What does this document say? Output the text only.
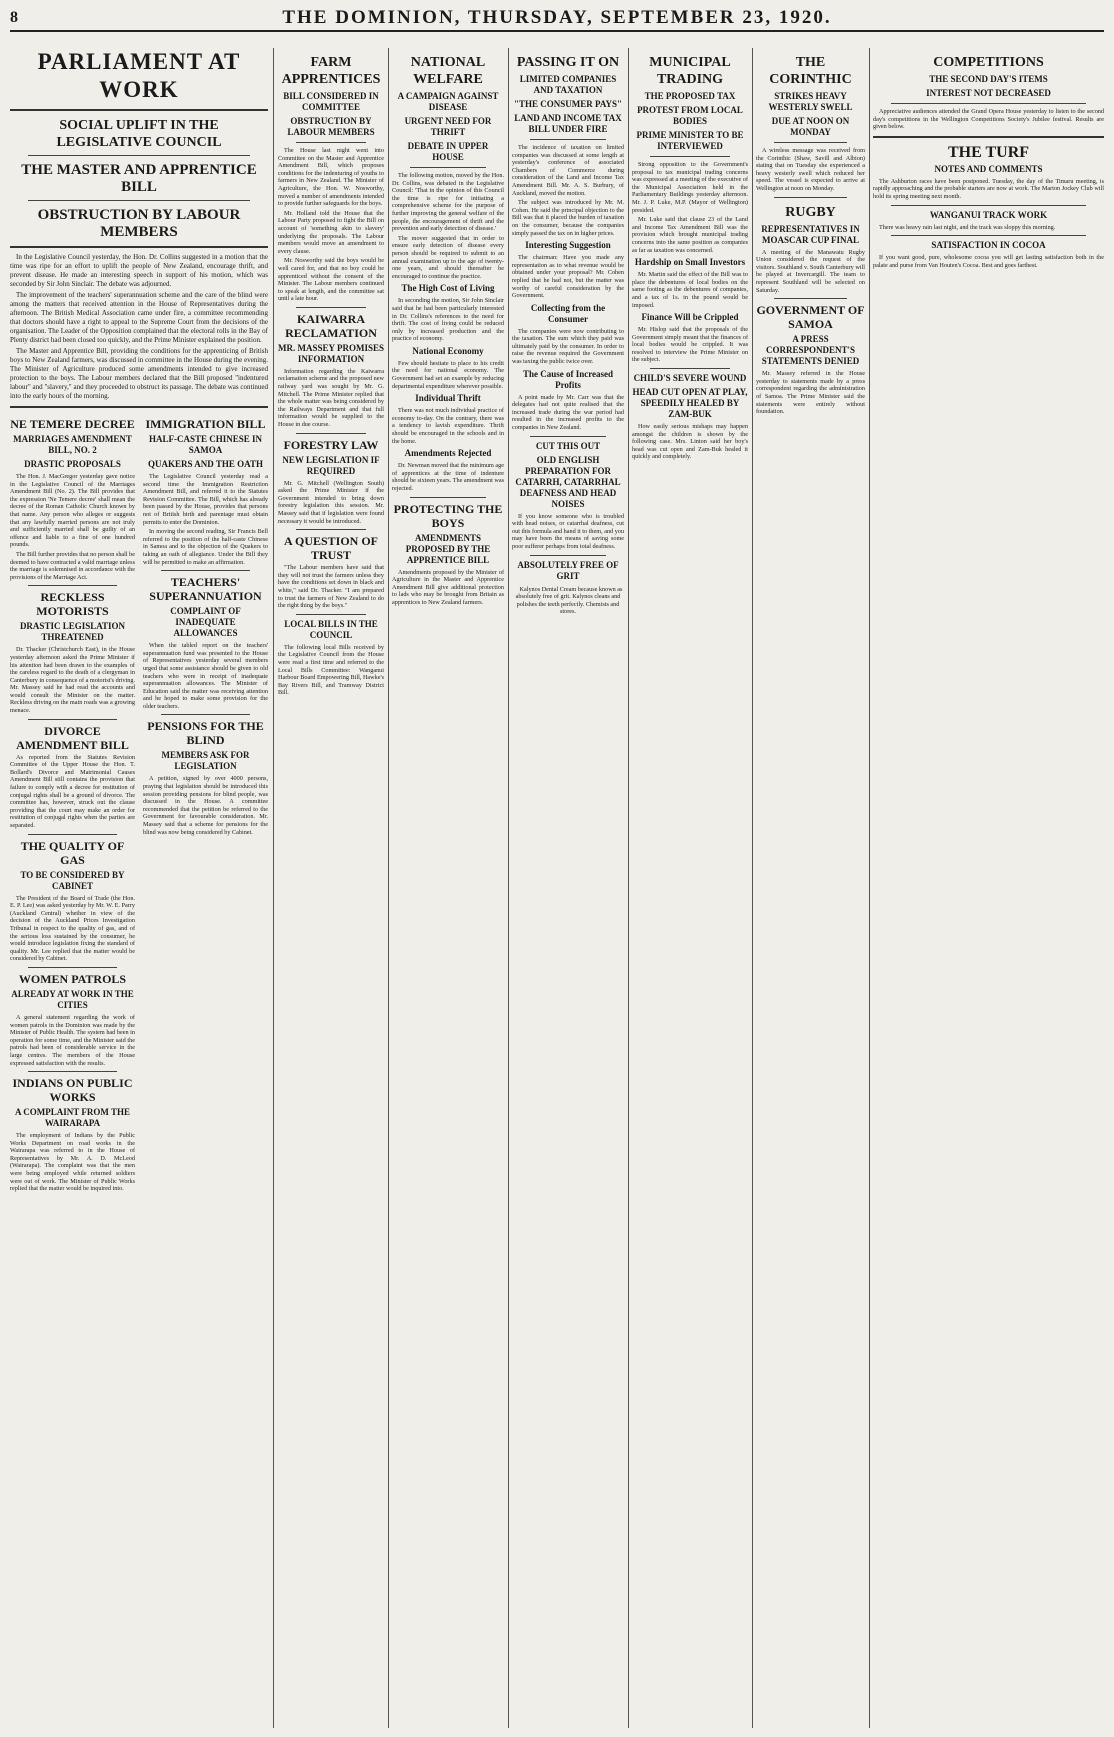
8	THE DOMINION, THURSDAY, SEPTEMBER 23, 1920.
PARLIAMENT AT WORK
SOCIAL UPLIFT IN THE LEGISLATIVE COUNCIL
THE MASTER AND APPRENTICE BILL
OBSTRUCTION BY LABOUR MEMBERS

In the Legislative Council yesterday, the Hon. Dr. Collins suggested in a motion that the time was ripe for an effort to uplift the people of New Zealand, encourage thrift, and prevent disease. He made an interesting speech in support of his motion, which was seconded by Sir John Sinclair. The debate was adjourned.

The improvement of the teachers' superannuation scheme and the care of the blind were among the matters that received attention in the House of Representatives during the afternoon. The British Medical Association came under fire, a committee recommending that doctors should have a right to appeal to the Supreme Court from the decisions of the organisation. The Leader of the Opposition complained that the electoral rolls in the Bay of Plenty district had been closed too quickly, and the Prime Minister explained the position.

The Master and Apprentice Bill, providing the conditions for the apprenticing of British boys to New Zealand farmers, was discussed in committee in the House during the evening. The Minister of Agriculture produced some amendments intended to give increased protection to the boys. The Labour members declared that the Bill proposed "indentured labour" and "slavery," and they proceeded to obstruct its passage. The debate was continued into the early hours of the morning.

NE TEMERE DECREE
MARRIAGES AMENDMENT BILL, NO. 2
DRASTIC PROPOSALS

The Hon. J. MacGregor yesterday gave notice in the Legislative Council of the Marriages Amendment Bill (No. 2). The Bill provides that the expression 'Ne Temere decree' shall mean the decree of the Roman Catholic Church known by that name. Any person who alleges or suggests that any lawfully married persons are not truly and sufficiently married shall be guilty of an offence and liable to a fine of one hundred pounds.

The Bill further provides that no person shall be deemed to have contracted a valid marriage unless the marriage is solemnised in accordance with the provisions of the Marriage Act.

RECKLESS MOTORISTS
DRASTIC LEGISLATION THREATENED

Dr. Thacker (Christchurch East), in the House yesterday afternoon asked the Prime Minister if his attention had been drawn to the examples of the careless regard to the death of a clergyman in Canterbury in consequence of a motorist's driving. Mr. Massey said he had read the accounts and would consult the Minister on the matter. Reckless driving on the main roads was a growing menace.

DIVORCE AMENDMENT BILL

As reported from the Statutes Revision Committee of the Upper House the Hon. T. Bollard's Divorce and Matrimonial Causes Amendment Bill still contains the provision that failure to comply with a decree for restitution of conjugal rights shall be a ground of divorce. The committee has, however, struck out the clause providing that the court may make an order for restitution of conjugal rights when the parties are separated.

THE QUALITY OF GAS
TO BE CONSIDERED BY CABINET

The President of the Board of Trade (the Hon. E. P. Lee) was asked yesterday by Mr. W. E. Parry (Auckland Central) whether in view of the decision of the Auckland Prices Investigation Tribunal in respect to the quality of gas, and of the serious loss sustained by the consumer, he would introduce legislation fixing the standard of quality. Mr. Lee replied that the matter would be considered by Cabinet.

WOMEN PATROLS
ALREADY AT WORK IN THE CITIES

A general statement regarding the work of women patrols in the Dominion was made by the Minister of Public Health. The system had been in operation for some time, and the Minister said the patrols had been of considerable service in the large centres. The members of the House expressed satisfaction with the results.

INDIANS ON PUBLIC WORKS
A COMPLAINT FROM THE WAIRARAPA

The employment of Indians by the Public Works Department on road works in the Wairarapa was referred to in the House of Representatives by Mr. A. D. McLeod (Wairarapa). The complaint was that the men were being employed while returned soldiers were out of work. The Minister of Public Works replied that the matter would be inquired into.

IMMIGRATION BILL
HALF-CASTE CHINESE IN SAMOA
QUAKERS AND THE OATH

The Legislative Council yesterday read a second time the Immigration Restriction Amendment Bill, and referred it to the Statutes Revision Committee. The Bill, which has already been passed by the House, provides that persons not of British birth and parentage must obtain permits to enter the Dominion.

In moving the second reading, Sir Francis Bell referred to the position of the half-caste Chinese in Samoa and to the objection of the Quakers to taking an oath of allegiance. Under the Bill they will be permitted to make an affirmation.

TEACHERS' SUPERANNUATION
COMPLAINT OF INADEQUATE ALLOWANCES

When the tabled report on the teachers' superannuation fund was presented to the House of Representatives yesterday several members urged that some assistance should be given to old teachers who were in receipt of inadequate superannuation allowances. The Minister of Education said the matter was receiving attention and he hoped to make some provision for the older teachers.

PENSIONS FOR THE BLIND
MEMBERS ASK FOR LEGISLATION

A petition, signed by over 4000 persons, praying that legislation should be introduced this session providing pensions for blind people, was discussed in the House. A committee recommended that the petition be referred to the Government for favourable consideration. Mr. Massey said that a scheme for pensions for the blind was now being considered by Cabinet.

FARM APPRENTICES
BILL CONSIDERED IN COMMITTEE
OBSTRUCTION BY LABOUR MEMBERS

The House last night went into Committee on the Master and Apprentice Amendment Bill, which proposes conditions for the indenturing of youths to farmers in New Zealand. The Minister of Agriculture, the Hon. W. Nosworthy, moved a number of amendments intended to provide further safeguards for the boys.

Mr. Holland told the House that the Labour Party proposed to fight the Bill on account of 'something akin to slavery' underlying the proposals. The Labour members would move an amendment to every clause.

Mr. Nosworthy said the boys would be well cared for, and that no boy could be apprenticed without the consent of the Minister. The Labour members continued to speak at length, and the committee sat until a late hour.

KAIWARRA RECLAMATION
MR. MASSEY PROMISES INFORMATION

Information regarding the Kaiwarra reclamation scheme and the proposed new railway yard was sought by Mr. G. Mitchell. The Prime Minister replied that the whole matter was being considered by the Railways Department and that full information would be supplied to the House in due course.

FORESTRY LAW
NEW LEGISLATION IF REQUIRED

Mr. G. Mitchell (Wellington South) asked the Prime Minister if the Government intended to bring down forestry legislation this session. Mr. Massey said that if legislation were found necessary it would be introduced.

A QUESTION OF TRUST

"The Labour members have said that they will not trust the farmers unless they have the conditions set down in black and white," said Dr. Thacker. "I am prepared to trust the farmers of New Zealand to do the right thing by the boys."

LOCAL BILLS IN THE COUNCIL

The following local Bills received by the Legislative Council from the House were read a first time and referred to the Local Bills Committee: Wanganui Harbour Board Empowering Bill, Hawke's Bay Rivers Bill, and Tramway District Bill.

NATIONAL WELFARE
A CAMPAIGN AGAINST DISEASE
URGENT NEED FOR THRIFT
DEBATE IN UPPER HOUSE

The following motion, moved by the Hon. Dr. Collins, was debated in the Legislative Council: 'That in the opinion of this Council the time is ripe for initiating a comprehensive scheme for the purpose of further improving the general welfare of the people, the encouragement of thrift and the prevention and early detection of disease.'

The mover suggested that in order to ensure early detection of disease every person should be required to submit to an annual examination up to the age of twenty-one years, and should thereafter be encouraged to continue the practice.

The High Cost of Living

In seconding the motion, Sir John Sinclair said that he had been particularly interested in Dr. Collins's references to the need for thrift. The cost of living could be reduced only by increased production and the practice of economy.

National Economy

Few should hesitate to place to his credit the need for national economy. The Government had set an example by reducing departmental expenditure wherever possible.

Individual Thrift

There was not much individual practice of economy to-day. On the contrary, there was a tendency to lavish expenditure. Thrift should be encouraged in the schools and in the home.

Amendments Rejected

Dr. Newman moved that the minimum age of apprentices at the time of indenture should be sixteen years. The amendment was rejected.

PROTECTING THE BOYS
AMENDMENTS PROPOSED BY THE APPRENTICE BILL

Amendments proposed by the Minister of Agriculture in the Master and Apprentice Amendment Bill give additional protection to lads who may be brought from Britain as apprentices to New Zealand farmers.

PASSING IT ON
LIMITED COMPANIES AND TAXATION
"THE CONSUMER PAYS"
LAND AND INCOME TAX BILL UNDER FIRE

The incidence of taxation on limited companies was discussed at some length at yesterday's conference of associated Chambers of Commerce during consideration of the Land and Income Tax Amendment Bill. Mr. A. S. Burbury, of Auckland, moved the motion.

The subject was introduced by Mr. M. Cohen. He said the principal objection to the Bill was that it placed the burden of taxation on the consumer, because the companies simply passed the tax on in higher prices.

Interesting Suggestion

The chairman: Have you made any representation as to what revenue would be obtained under your proposal? Mr. Cohen replied that he had not, but the matter was worthy of careful consideration by the Government.

Collecting from the Consumer

The companies were now contributing to the taxation. The sum which they paid was ultimately paid by the consumer. In order to raise the revenue required the Government was taxing the public twice over.

The Cause of Increased Profits

A point made by Mr. Carr was that the delegates had not quite realised that the increased trade during the war period had resulted in the increased profits to the companies in New Zealand.

CUT THIS OUT
OLD ENGLISH PREPARATION FOR CATARRH, CATARRHAL DEAFNESS AND HEAD NOISES

If you know someone who is troubled with head noises, or catarrhal deafness, cut out this formula and hand it to them, and you may have been the means of saving some poor sufferer perhaps from total deafness.

ABSOLUTELY FREE OF GRIT

Kalynos Dental Cream because known as absolutely free of grit. Kalynos cleans and polishes the teeth perfectly. Chemists and stores.

MUNICIPAL TRADING
THE PROPOSED TAX
PROTEST FROM LOCAL BODIES
PRIME MINISTER TO BE INTERVIEWED

Strong opposition to the Government's proposal to tax municipal trading concerns was expressed at a meeting of the executive of the Municipal Association held in the Parliamentary Buildings yesterday afternoon. Mr. J. P. Luke, M.P. (Mayor of Wellington) presided.

Mr. Luke said that clause 23 of the Land and Income Tax Amendment Bill was the provision which brought municipal trading concerns into the same position as companies as far as taxation was concerned.

Hardship on Small Investors

Mr. Martin said the effect of the Bill was to place the debentures of local bodies on the same footing as the debentures of companies, and a tax of 1s. in the pound would be imposed.

Finance Will be Crippled

Mr. Hislop said that the proposals of the Government simply meant that the finances of local bodies would be crippled. It was resolved to interview the Prime Minister on the subject.

CHILD'S SEVERE WOUND
HEAD CUT OPEN AT PLAY, SPEEDILY HEALED BY ZAM-BUK

How easily serious mishaps may happen amongst the children is shown by the following case. Mrs. Linton said her boy's head was cut open and Zam-Buk healed it quickly and completely.

THE CORINTHIC
STRIKES HEAVY WESTERLY SWELL
DUE AT NOON ON MONDAY

A wireless message was received from the Corinthic (Shaw, Savill and Albion) stating that on Tuesday she experienced a heavy westerly swell which reduced her speed. The vessel is expected to arrive at Wellington at noon on Monday.

RUGBY
REPRESENTATIVES IN MOASCAR CUP FINAL

A meeting of the Manawatu Rugby Union considered the request of the visitors. Southland v. South Canterbury will be played at Invercargill. The team to represent Southland will be selected on Saturday.

GOVERNMENT OF SAMOA
A PRESS CORRESPONDENT'S STATEMENTS DENIED

Mr. Massey referred in the House yesterday to statements made by a press correspondent regarding the administration of Samoa. The Prime Minister said the statements were entirely without foundation.

COMPETITIONS
THE SECOND DAY'S ITEMS
INTEREST NOT DECREASED

Appreciative audiences attended the Grand Opera House yesterday to listen to the second day's competitions in the Wellington Competitions Society's Jubilee festival. Results are given below.

THE TURF
NOTES AND COMMENTS

The Ashburton races have been postponed. Tuesday, the day of the Timaru meeting, is rapidly approaching and the probable starters are now at work. The Marton Jockey Club will hold its spring meeting next month.

WANGANUI TRACK WORK

There was heavy rain last night, and the track was sloppy this morning.

SATISFACTION IN COCOA

If you want good, pure, wholesome cocoa you will get lasting satisfaction both in the palate and purse from Van Houten's Cocoa. Best and goes farthest.
